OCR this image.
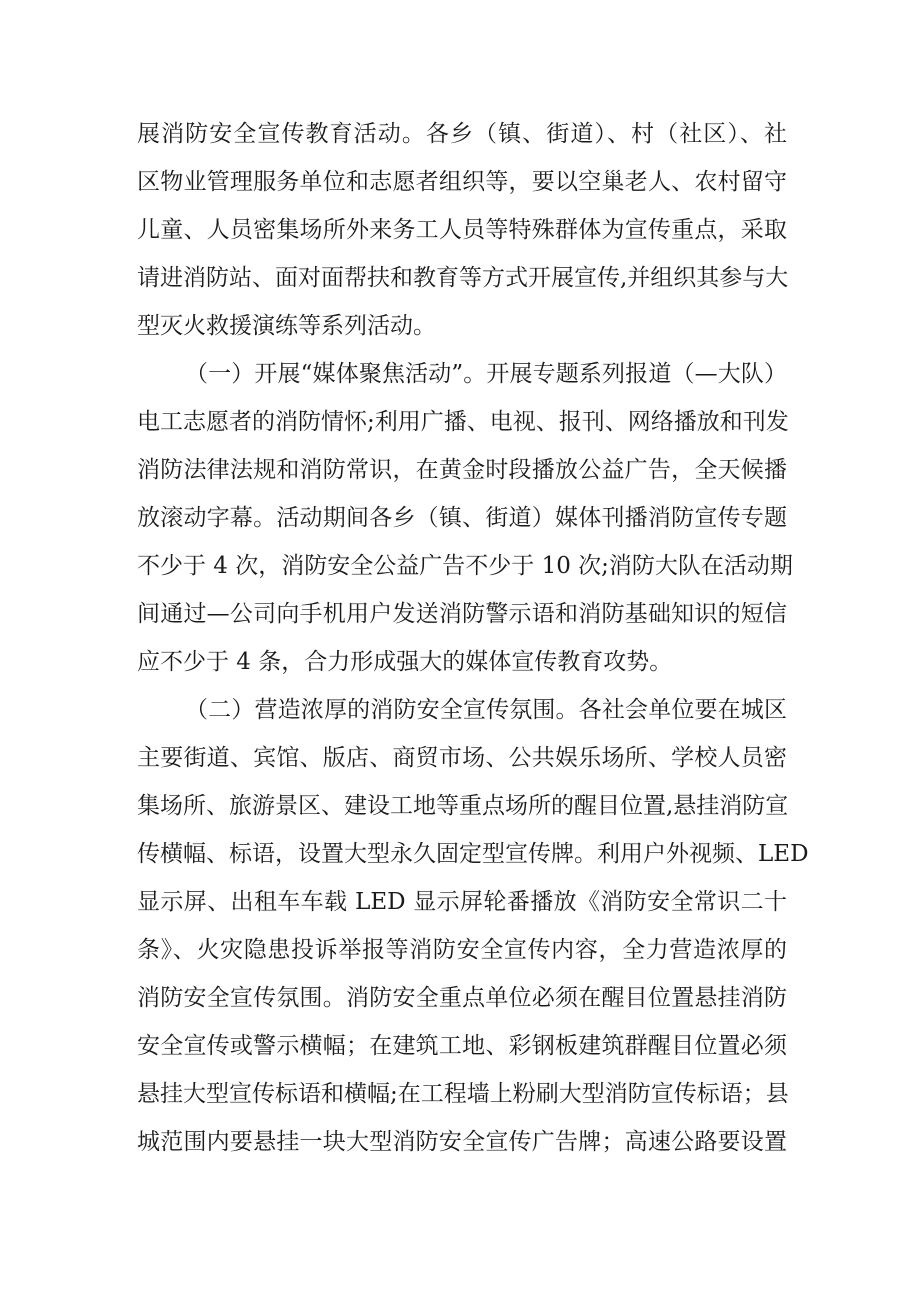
展消防安全宣传教育活动。各乡（镇、街道）、村（社区）、社
区物业管理服务单位和志愿者组织等，要以空巢老人、农村留守
儿童、人员密集场所外来务工人员等特殊群体为宣传重点，采取
请进消防站、面对面帮扶和教育等方式开展宣传,并组织其参与大
型灭火救援演练等系列活动。
（一）开展“媒体聚焦活动”。开展专题系列报道（—大队）
电工志愿者的消防情怀;利用广播、电视、报刊、网络播放和刊发
消防法律法规和消防常识，在黄金时段播放公益广告，全天候播
放滚动字幕。活动期间各乡（镇、街道）媒体刊播消防宣传专题
不少于 4 次，消防安全公益广告不少于 10 次;消防大队在活动期
间通过—公司向手机用户发送消防警示语和消防基础知识的短信
应不少于 4 条，合力形成强大的媒体宣传教育攻势。
（二）营造浓厚的消防安全宣传氛围。各社会单位要在城区
主要街道、宾馆、版店、商贸市场、公共娱乐场所、学校人员密
集场所、旅游景区、建设工地等重点场所的醒目位置,悬挂消防宣
传横幅、标语，设置大型永久固定型宣传牌。利用户外视频、LED
显示屏、出租车车载 LED 显示屏轮番播放《消防安全常识二十
条》、火灾隐患投诉举报等消防安全宣传内容，全力营造浓厚的
消防安全宣传氛围。消防安全重点单位必须在醒目位置悬挂消防
安全宣传或警示横幅；在建筑工地、彩钢板建筑群醒目位置必须
悬挂大型宣传标语和横幅;在工程墙上粉刷大型消防宣传标语；县
城范围内要悬挂一块大型消防安全宣传广告牌；高速公路要设置
